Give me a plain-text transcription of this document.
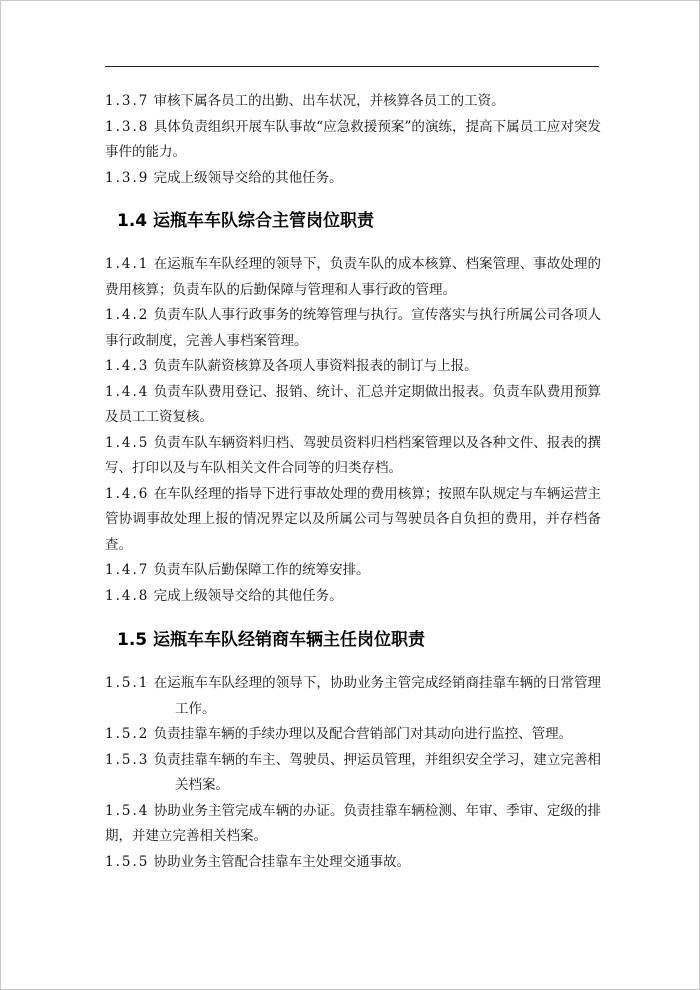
1.3.7 审核下属各员工的出勤、出车状况，并核算各员工的工资。

1.3.8 具体负责组织开展车队事故“应急救援预案”的演练，提高下属员工应对突发事件的能力。

1.3.9 完成上级领导交给的其他任务。

1.4 运瓶车车队综合主管岗位职责

1.4.1 在运瓶车车队经理的领导下，负责车队的成本核算、档案管理、事故处理的费用核算；负责车队的后勤保障与管理和人事行政的管理。

1.4.2 负责车队人事行政事务的统筹管理与执行。宣传落实与执行所属公司各项人事行政制度，完善人事档案管理。

1.4.3 负责车队薪资核算及各项人事资料报表的制订与上报。

1.4.4 负责车队费用登记、报销、统计、汇总并定期做出报表。负责车队费用预算及员工工资复核。

1.4.5 负责车队车辆资料归档、驾驶员资料归档档案管理以及各种文件、报表的撰写、打印以及与车队相关文件合同等的归类存档。

1.4.6 在车队经理的指导下进行事故处理的费用核算；按照车队规定与车辆运营主管协调事故处理上报的情况界定以及所属公司与驾驶员各自负担的费用，并存档备查。

1.4.7 负责车队后勤保障工作的统筹安排。

1.4.8 完成上级领导交给的其他任务。

1.5 运瓶车车队经销商车辆主任岗位职责

1.5.1 在运瓶车车队经理的领导下，协助业务主管完成经销商挂靠车辆的日常管理工作。

1.5.2 负责挂靠车辆的手续办理以及配合营销部门对其动向进行监控、管理。

1.5.3 负责挂靠车辆的车主、驾驶员、押运员管理，并组织安全学习，建立完善相关档案。

1.5.4 协助业务主管完成车辆的办证。负责挂靠车辆检测、年审、季审、定级的排期，并建立完善相关档案。

1.5.5 协助业务主管配合挂靠车主处理交通事故。
